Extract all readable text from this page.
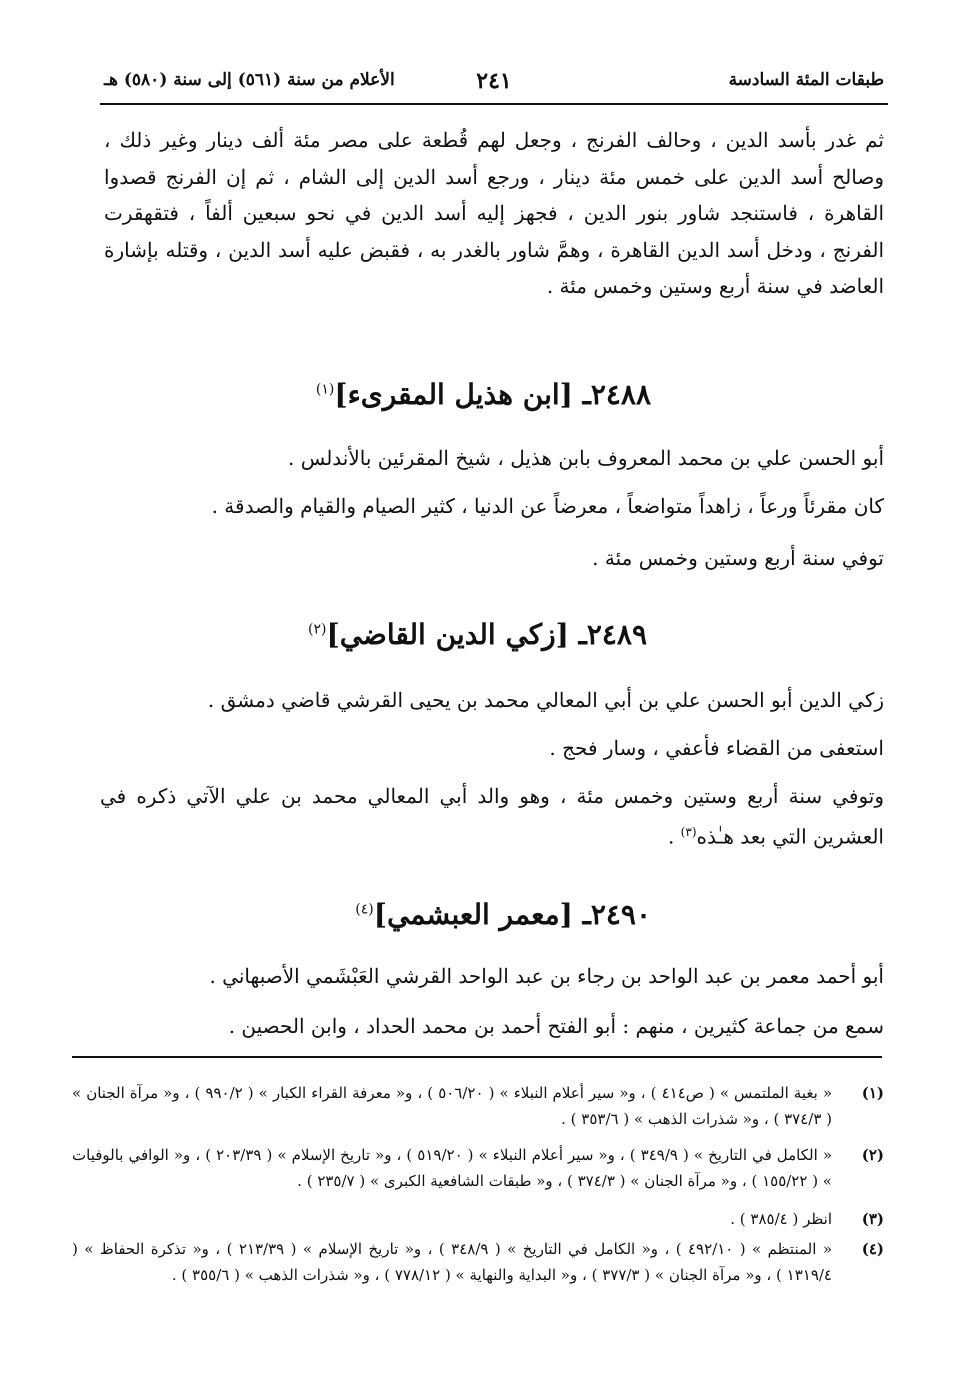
طبقات المئة السادسة
٢٤١
الأعلام من سنة (٥٦١) إلى سنة (٥٨٠) هـ
ثم غدر بأسد الدين ، وحالف الفرنج ، وجعل لهم قُطعة على مصر مئة ألف دينار وغير ذلك ، وصالح أسد الدين على خمس مئة دينار ، ورجع أسد الدين إلى الشام ، ثم إن الفرنج قصدوا القاهرة ، فاستنجد شاور بنور الدين ، فجهز إليه أسد الدين في نحو سبعين ألفاً ، فتقهقرت الفرنج ، ودخل أسد الدين القاهرة ، وهمَّ شاور بالغدر به ، فقبض عليه أسد الدين ، وقتله بإشارة العاضد في سنة أربع وستين وخمس مئة .
٢٤٨٨ـ [ابن هذيل المقرىء]$^{(١)}$
أبو الحسن علي بن محمد المعروف بابن هذيل ، شيخ المقرئين بالأندلس .
كان مقرئاً ورعاً ، زاهداً متواضعاً ، معرضاً عن الدنيا ، كثير الصيام والقيام والصدقة .
توفي سنة أربع وستين وخمس مئة .
٢٤٨٩ـ [زكي الدين القاضي]$^{(٢)}$
زكي الدين أبو الحسن علي بن أبي المعالي محمد بن يحيى القرشي قاضي دمشق .
استعفى من القضاء فأعفي ، وسار فحج .
وتوفي سنة أربع وستين وخمس مئة ، وهو والد أبي المعالي محمد بن علي الآتي ذكره في العشرين التي بعد هـٰذه$^{(٣)}$ .
٢٤٩٠ـ [معمر العبشمي]$^{(٤)}$
أبو أحمد معمر بن عبد الواحد بن رجاء بن عبد الواحد القرشي العَبْشَمي الأصبهاني .
سمع من جماعة كثيرين ، منهم : أبو الفتح أحمد بن محمد الحداد ، وابن الحصين .
(١)
« بغية الملتمس » ( ص٤١٤ ) ، و« سير أعلام النبلاء » ( ٥٠٦/٢٠ ) ، و« معرفة القراء الكبار » ( ٩٩٠/٢ ) ، و« مرآة الجنان » ( ٣٧٤/٣ ) ، و« شذرات الذهب » ( ٣٥٣/٦ ) .
(٢)
« الكامل في التاريخ » ( ٣٤٩/٩ ) ، و« سير أعلام النبلاء » ( ٥١٩/٢٠ ) ، و« تاريخ الإسلام » ( ٢٠٣/٣٩ ) ، و« الوافي بالوفيات » ( ١٥٥/٢٢ ) ، و« مرآة الجنان » ( ٣٧٤/٣ ) ، و« طبقات الشافعية الكبرى » ( ٢٣٥/٧ ) .
(٣)
انظر ( ٣٨٥/٤ ) .
(٤)
« المنتظم » ( ٤٩٢/١٠ ) ، و« الكامل في التاريخ » ( ٣٤٨/٩ ) ، و« تاريخ الإسلام » ( ٢١٣/٣٩ ) ، و« تذكرة الحفاظ » ( ١٣١٩/٤ ) ، و« مرآة الجنان » ( ٣٧٧/٣ ) ، و« البداية والنهاية » ( ٧٧٨/١٢ ) ، و« شذرات الذهب » ( ٣٥٥/٦ ) .
